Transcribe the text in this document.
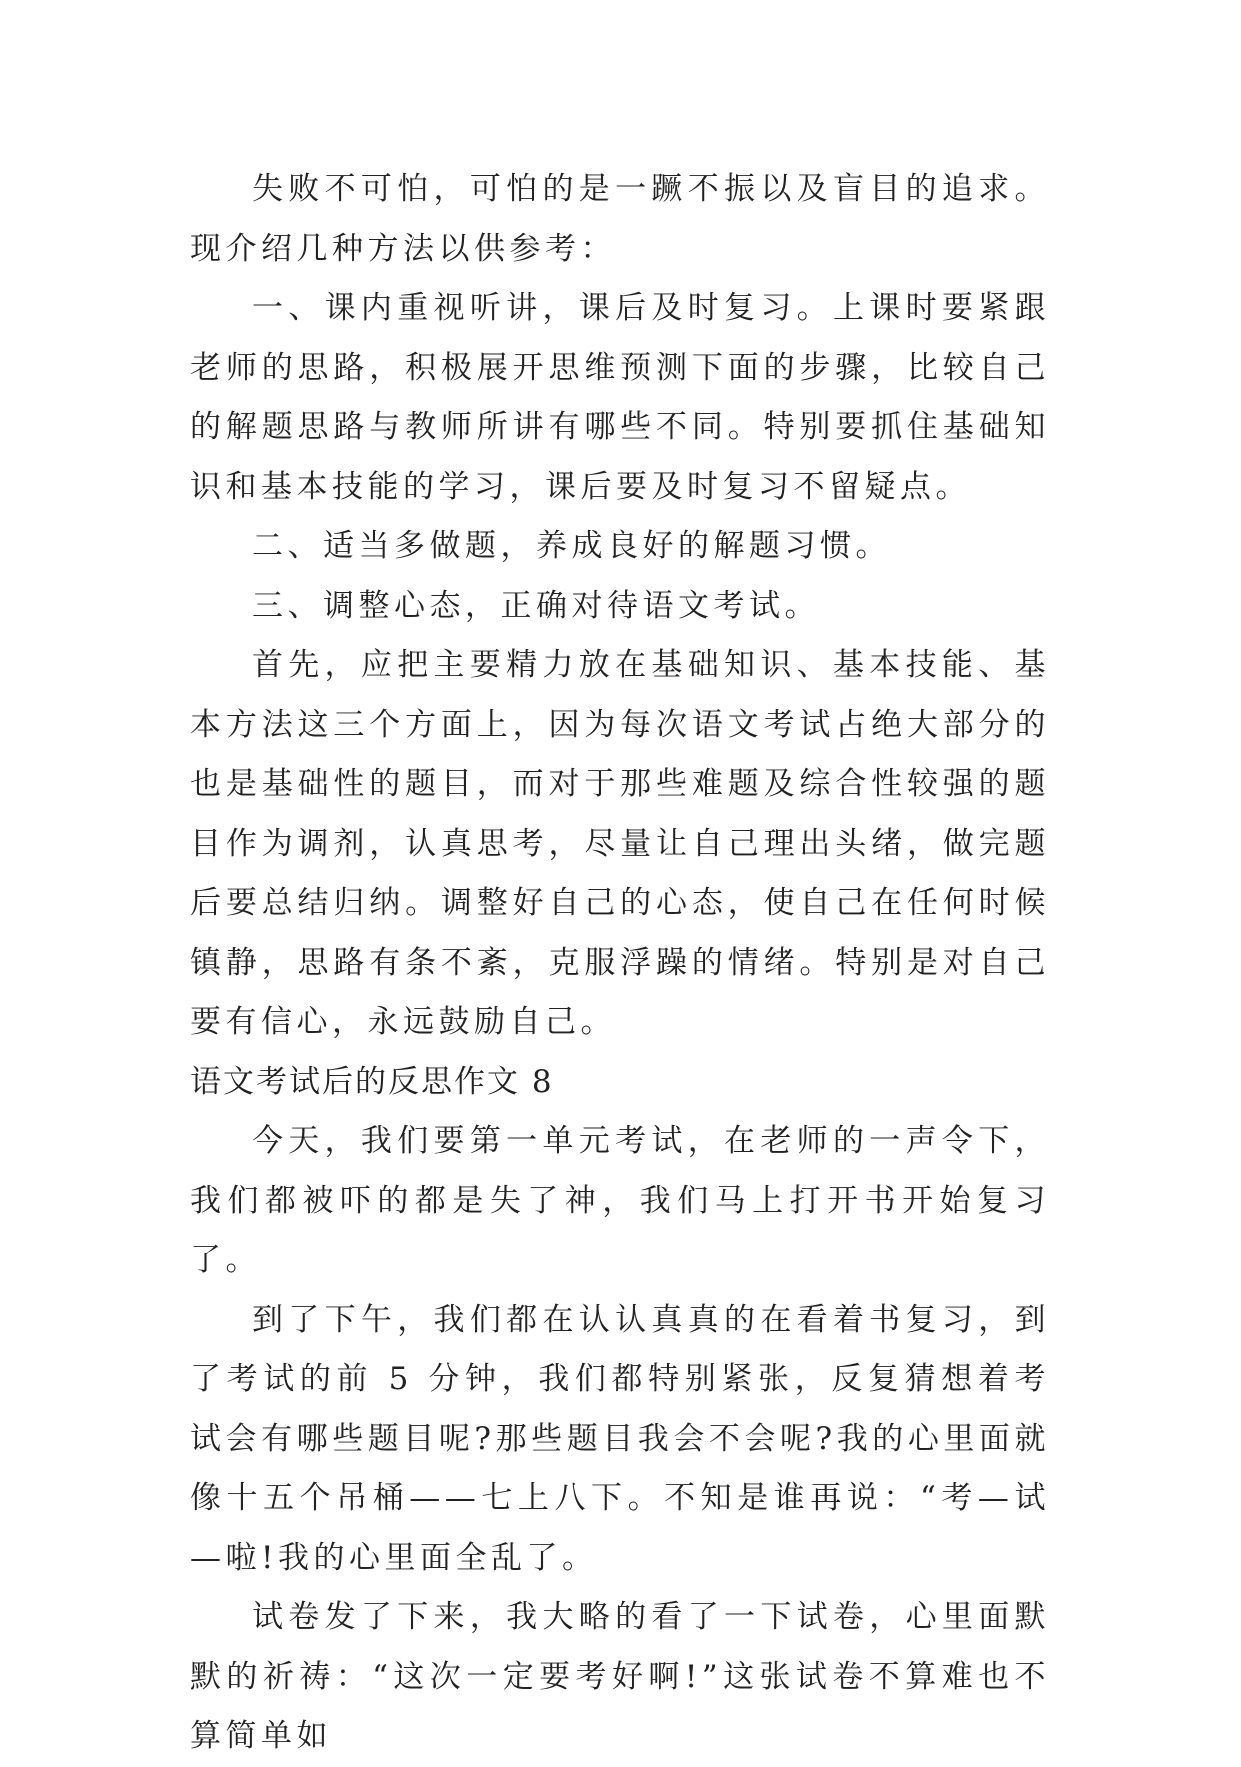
失败不可怕，可怕的是一蹶不振以及盲目的追求。现介绍几种方法以供参考：

一、课内重视听讲，课后及时复习。上课时要紧跟老师的思路，积极展开思维预测下面的步骤，比较自己的解题思路与教师所讲有哪些不同。特别要抓住基础知识和基本技能的学习，课后要及时复习不留疑点。

二、适当多做题，养成良好的解题习惯。

三、调整心态，正确对待语文考试。

首先，应把主要精力放在基础知识、基本技能、基本方法这三个方面上，因为每次语文考试占绝大部分的也是基础性的题目，而对于那些难题及综合性较强的题目作为调剂，认真思考，尽量让自己理出头绪，做完题后要总结归纳。调整好自己的心态，使自己在任何时候镇静，思路有条不紊，克服浮躁的情绪。特别是对自己要有信心，永远鼓励自己。

语文考试后的反思作文 8

今天，我们要第一单元考试，在老师的一声令下，我们都被吓的都是失了神，我们马上打开书开始复习了。

到了下午，我们都在认认真真的在看着书复习，到了考试的前 5 分钟，我们都特别紧张，反复猜想着考试会有哪些题目呢?那些题目我会不会呢?我的心里面就像十五个吊桶——七上八下。不知是谁再说：“考—试—啦!我的心里面全乱了。

试卷发了下来，我大略的看了一下试卷，心里面默默的祈祷：“这次一定要考好啊!”这张试卷不算难也不算简单如
